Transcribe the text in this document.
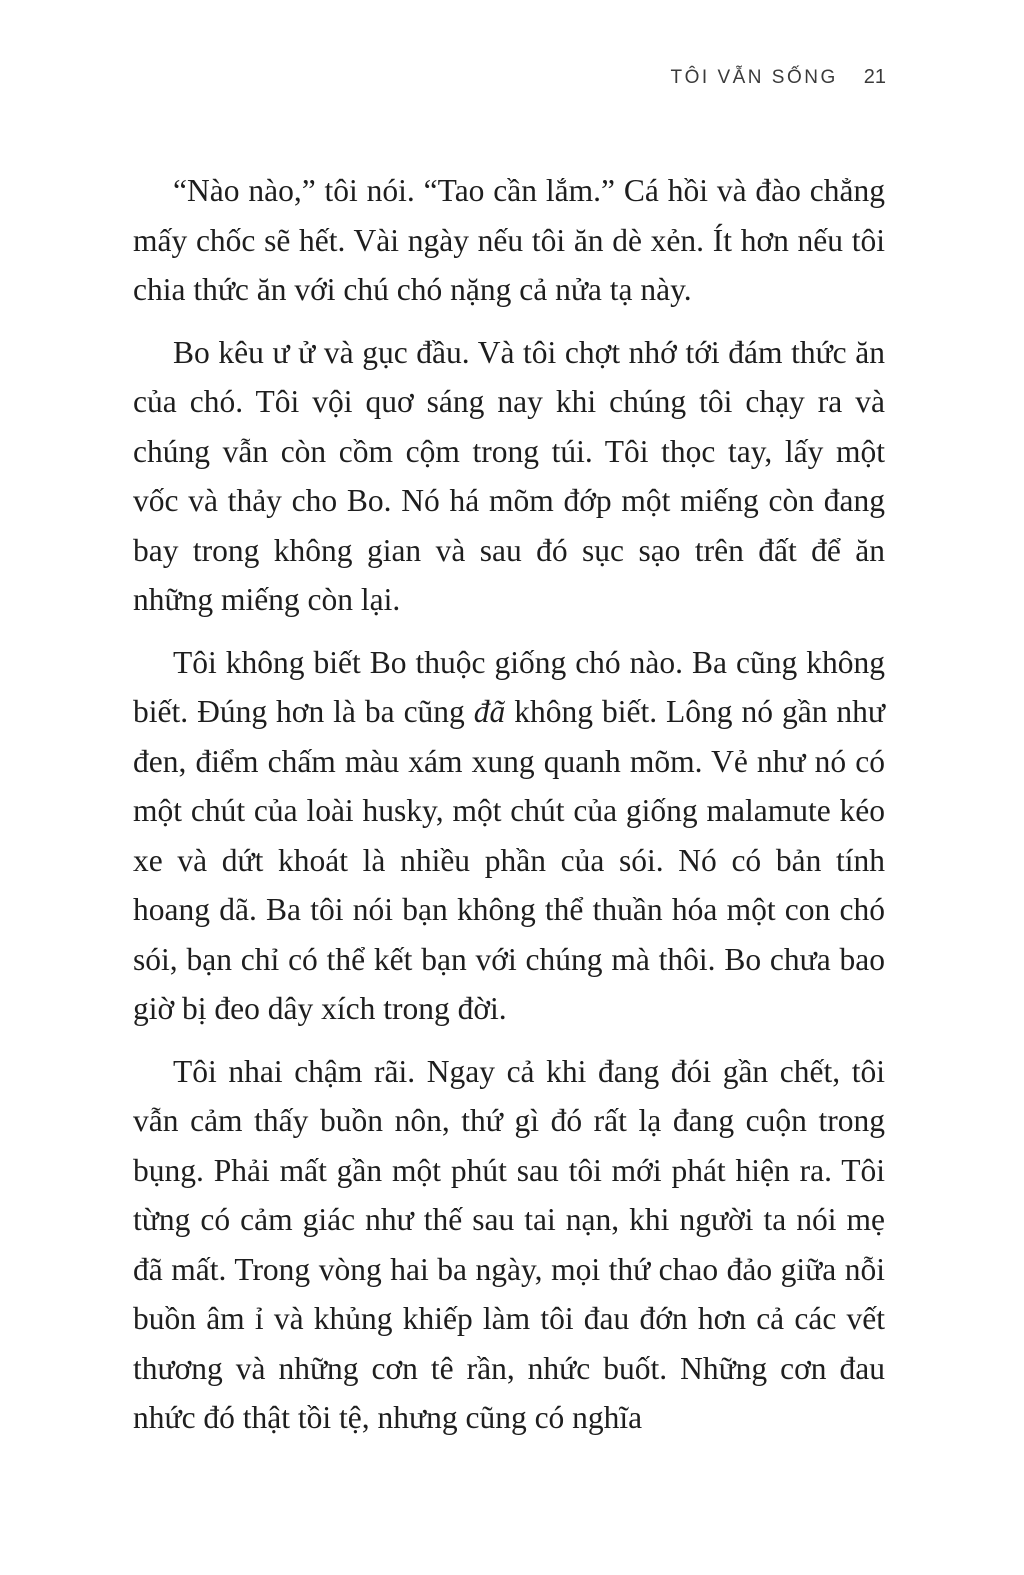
TÔI VẪN SỐNG 21

“Nào nào,” tôi nói. “Tao cần lắm.” Cá hồi và đào chẳng mấy chốc sẽ hết. Vài ngày nếu tôi ăn dè xẻn. Ít hơn nếu tôi chia thức ăn với chú chó nặng cả nửa tạ này.

Bo kêu ư ử và gục đầu. Và tôi chợt nhớ tới đám thức ăn của chó. Tôi vội quơ sáng nay khi chúng tôi chạy ra và chúng vẫn còn cồm cộm trong túi. Tôi thọc tay, lấy một vốc và thảy cho Bo. Nó há mõm đớp một miếng còn đang bay trong không gian và sau đó sục sạo trên đất để ăn những miếng còn lại.

Tôi không biết Bo thuộc giống chó nào. Ba cũng không biết. Đúng hơn là ba cũng đã không biết. Lông nó gần như đen, điểm chấm màu xám xung quanh mõm. Vẻ như nó có một chút của loài husky, một chút của giống malamute kéo xe và dứt khoát là nhiều phần của sói. Nó có bản tính hoang dã. Ba tôi nói bạn không thể thuần hóa một con chó sói, bạn chỉ có thể kết bạn với chúng mà thôi. Bo chưa bao giờ bị đeo dây xích trong đời.

Tôi nhai chậm rãi. Ngay cả khi đang đói gần chết, tôi vẫn cảm thấy buồn nôn, thứ gì đó rất lạ đang cuộn trong bụng. Phải mất gần một phút sau tôi mới phát hiện ra. Tôi từng có cảm giác như thế sau tai nạn, khi người ta nói mẹ đã mất. Trong vòng hai ba ngày, mọi thứ chao đảo giữa nỗi buồn âm ỉ và khủng khiếp làm tôi đau đớn hơn cả các vết thương và những cơn tê rần, nhức buốt. Những cơn đau nhức đó thật tồi tệ, nhưng cũng có nghĩa
